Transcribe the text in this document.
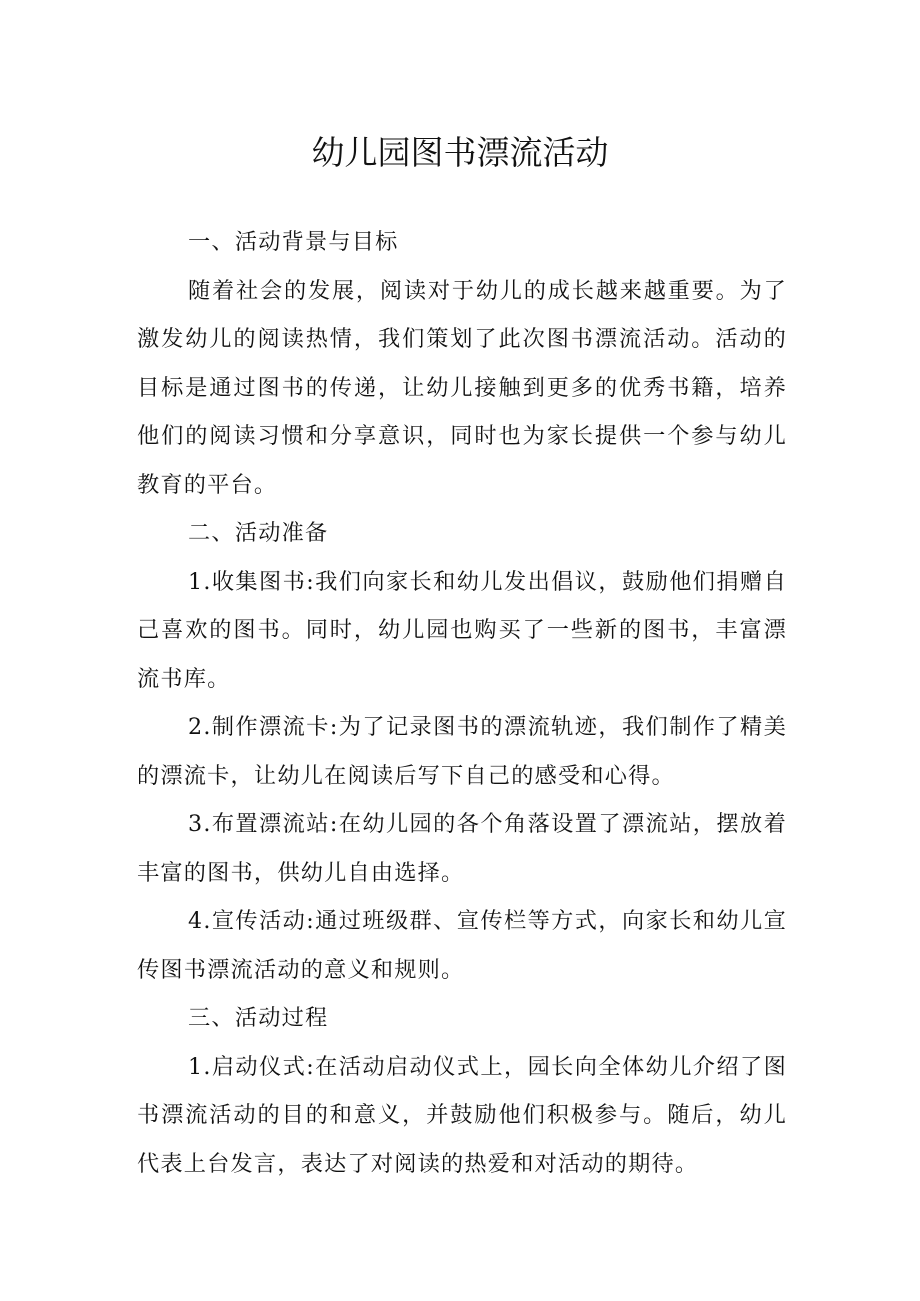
幼儿园图书漂流活动

一、活动背景与目标

随着社会的发展，阅读对于幼儿的成长越来越重要。为了激发幼儿的阅读热情，我们策划了此次图书漂流活动。活动的目标是通过图书的传递，让幼儿接触到更多的优秀书籍，培养他们的阅读习惯和分享意识，同时也为家长提供一个参与幼儿教育的平台。

二、活动准备

1.收集图书:我们向家长和幼儿发出倡议，鼓励他们捐赠自己喜欢的图书。同时，幼儿园也购买了一些新的图书，丰富漂流书库。

2.制作漂流卡:为了记录图书的漂流轨迹，我们制作了精美的漂流卡，让幼儿在阅读后写下自己的感受和心得。

3.布置漂流站:在幼儿园的各个角落设置了漂流站，摆放着丰富的图书，供幼儿自由选择。

4.宣传活动:通过班级群、宣传栏等方式，向家长和幼儿宣传图书漂流活动的意义和规则。

三、活动过程

1.启动仪式:在活动启动仪式上，园长向全体幼儿介绍了图书漂流活动的目的和意义，并鼓励他们积极参与。随后，幼儿代表上台发言，表达了对阅读的热爱和对活动的期待。
